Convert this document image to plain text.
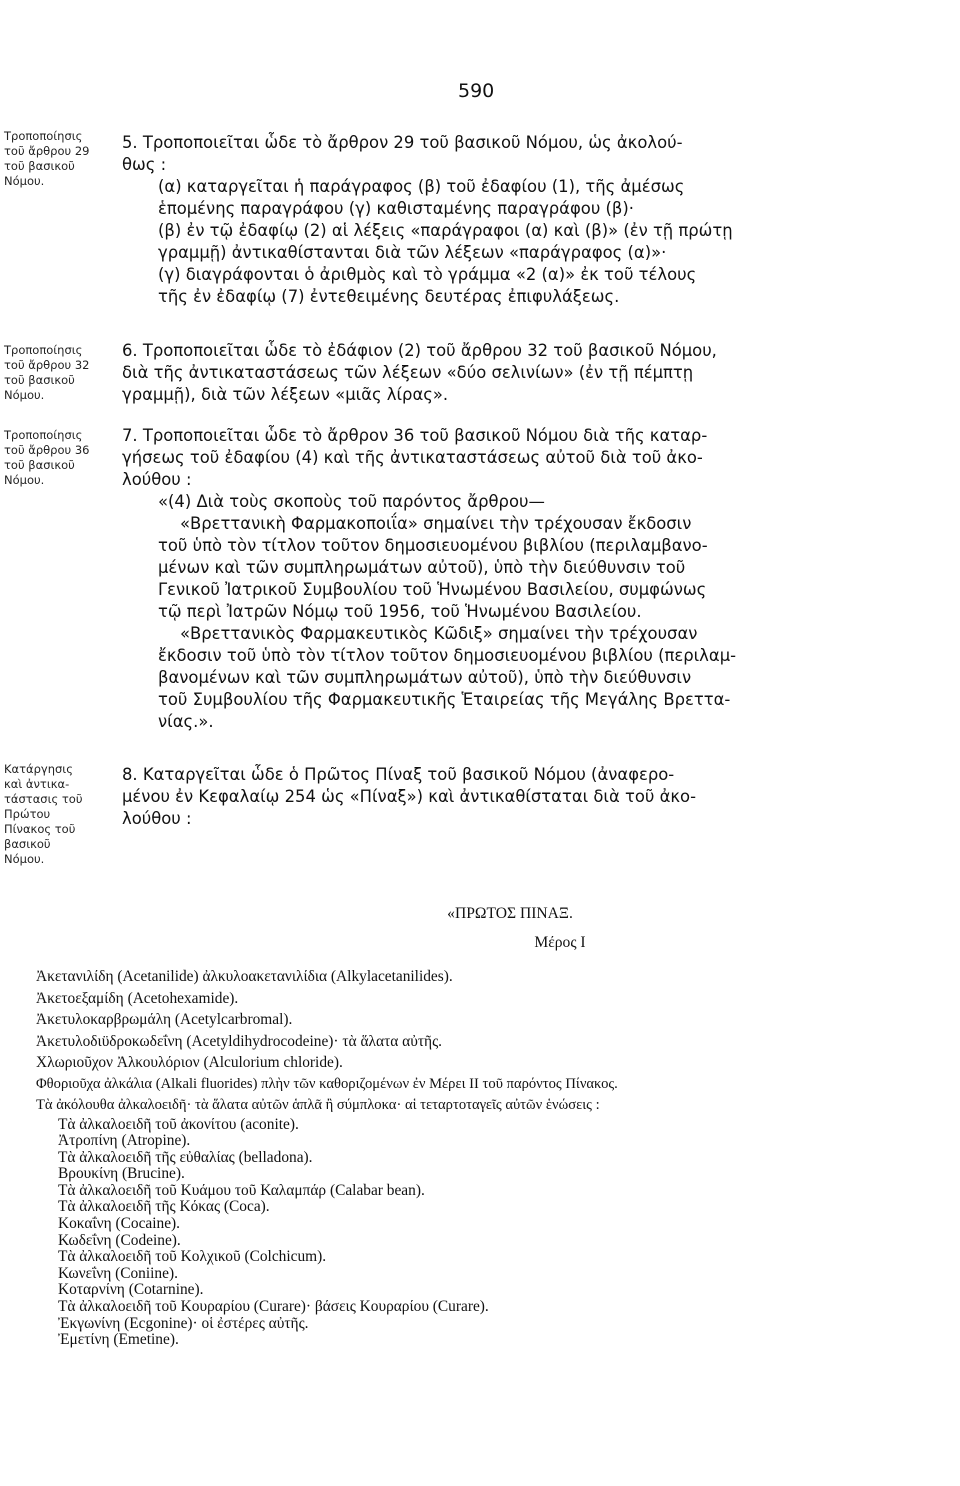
590
Τροποποίησις
τοῦ ἄρθρου 29
τοῦ βασικοῦ
Νόμου.
Τροποποίησις
τοῦ ἄρθρου 32
τοῦ βασικοῦ
Νόμου.
Τροποποίησις
τοῦ ἄρθρου 36
τοῦ βασικοῦ
Νόμου.
Κατάργησις
καὶ ἀντικα-
τάστασις τοῦ
Πρώτου
Πίνακος τοῦ
βασικοῦ
Νόμου.
5. Τροποποιεῖται ὧδε τὸ ἄρθρον 29 τοῦ βασικοῦ Νόμου, ὡς ἀκολού-
θως :
(α) καταργεῖται ἡ παράγραφος (β) τοῦ ἐδαφίου (1), τῆς ἀμέσως
ἑπομένης παραγράφου (γ) καθισταμένης παραγράφου (β)·
(β) ἐν τῷ ἐδαφίῳ (2) αἱ λέξεις «παράγραφοι (α) καὶ (β)» (ἐν τῇ πρώτῃ
γραμμῇ) ἀντικαθίστανται διὰ τῶν λέξεων «παράγραφος (α)»·
(γ) διαγράφονται ὁ ἀριθμὸς καὶ τὸ γράμμα «2 (α)» ἐκ τοῦ τέλους
τῆς ἐν ἐδαφίῳ (7) ἐντεθειμένης δευτέρας ἐπιφυλάξεως.
6. Τροποποιεῖται ὧδε τὸ ἐδάφιον (2) τοῦ ἄρθρου 32 τοῦ βασικοῦ Νόμου,
διὰ τῆς ἀντικαταστάσεως τῶν λέξεων «δύο σελινίων» (ἐν τῇ πέμπτῃ
γραμμῇ), διὰ τῶν λέξεων «μιᾶς λίρας».
7. Τροποποιεῖται ὧδε τὸ ἄρθρον 36 τοῦ βασικοῦ Νόμου διὰ τῆς καταρ-
γήσεως τοῦ ἐδαφίου (4) καὶ τῆς ἀντικαταστάσεως αὐτοῦ διὰ τοῦ ἀκο-
λούθου :
«(4) Διὰ τοὺς σκοποὺς τοῦ παρόντος ἄρθρου—
«Βρεττανικὴ Φαρμακοποιΐα» σημαίνει τὴν τρέχουσαν ἔκδοσιν
τοῦ ὑπὸ τὸν τίτλον τοῦτον δημοσιευομένου βιβλίου (περιλαμβανο-
μένων καὶ τῶν συμπληρωμάτων αὐτοῦ), ὑπὸ τὴν διεύθυνσιν τοῦ
Γενικοῦ Ἰατρικοῦ Συμβουλίου τοῦ Ἡνωμένου Βασιλείου, συμφώνως
τῷ περὶ Ἰατρῶν Νόμῳ τοῦ 1956, τοῦ Ἡνωμένου Βασιλείου.
«Βρεττανικὸς Φαρμακευτικὸς Κῶδιξ» σημαίνει τὴν τρέχουσαν
ἔκδοσιν τοῦ ὑπὸ τὸν τίτλον τοῦτον δημοσιευομένου βιβλίου (περιλαμ-
βανομένων καὶ τῶν συμπληρωμάτων αὐτοῦ), ὑπὸ τὴν διεύθυνσιν
τοῦ Συμβουλίου τῆς Φαρμακευτικῆς Ἑταιρείας τῆς Μεγάλης Βρεττα-
νίας.».
8. Καταργεῖται ὧδε ὁ Πρῶτος Πίναξ τοῦ βασικοῦ Νόμου (ἀναφερο-
μένου ἐν Κεφαλαίῳ 254 ὡς «Πίναξ») καὶ ἀντικαθίσταται διὰ τοῦ ἀκο-
λούθου :
«ΠΡΩΤΟΣ ΠΙΝΑΞ.
Μέρος Ι
Ἀκετανιλίδη (Acetanilide) ἀλκυλοακετανιλίδια (Alkylacetanilides).
Ἀκετοεξαμίδη (Acetohexamide).
Ἀκετυλοκαρβρωμάλη (Acetylcarbromal).
Ἀκετυλοδιϋδροκωδεΐνη (Acetyldihydrocodeine)· τὰ ἅλατα αὐτῆς.
Χλωριοῦχον Ἀλκουλόριον (Alculorium chloride).
Φθοριοῦχα ἀλκάλια (Alkali fluorides) πλὴν τῶν καθοριζομένων ἐν Μέρει ΙΙ τοῦ παρόντος Πίνακος.
Τὰ ἀκόλουθα ἀλκαλοειδῆ· τὰ ἅλατα αὐτῶν ἁπλᾶ ἢ σύμπλοκα· αἱ τεταρτοταγεῖς αὐτῶν ἑνώσεις :
Τὰ ἀλκαλοειδῆ τοῦ ἀκονίτου (aconite).
Ἀτροπίνη (Atropine).
Τὰ ἀλκαλοειδῆ τῆς εὐθαλίας (belladona).
Βρουκίνη (Brucine).
Τὰ ἀλκαλοειδῆ τοῦ Κυάμου τοῦ Καλαμπάρ (Calabar bean).
Τὰ ἀλκαλοειδῆ τῆς Κόκας (Coca).
Κοκαΐνη (Cocaine).
Κωδεΐνη (Codeine).
Τὰ ἀλκαλοειδῆ τοῦ Κολχικοῦ (Colchicum).
Κωνεΐνη (Coniine).
Κοταρνίνη (Cotarnine).
Τὰ ἀλκαλοειδῆ τοῦ Κουραρίου (Curare)· βάσεις Κουραρίου (Curare).
Ἐκγωνίνη (Ecgonine)· οἱ ἐστέρες αὐτῆς.
Ἐμετίνη (Emetine).
